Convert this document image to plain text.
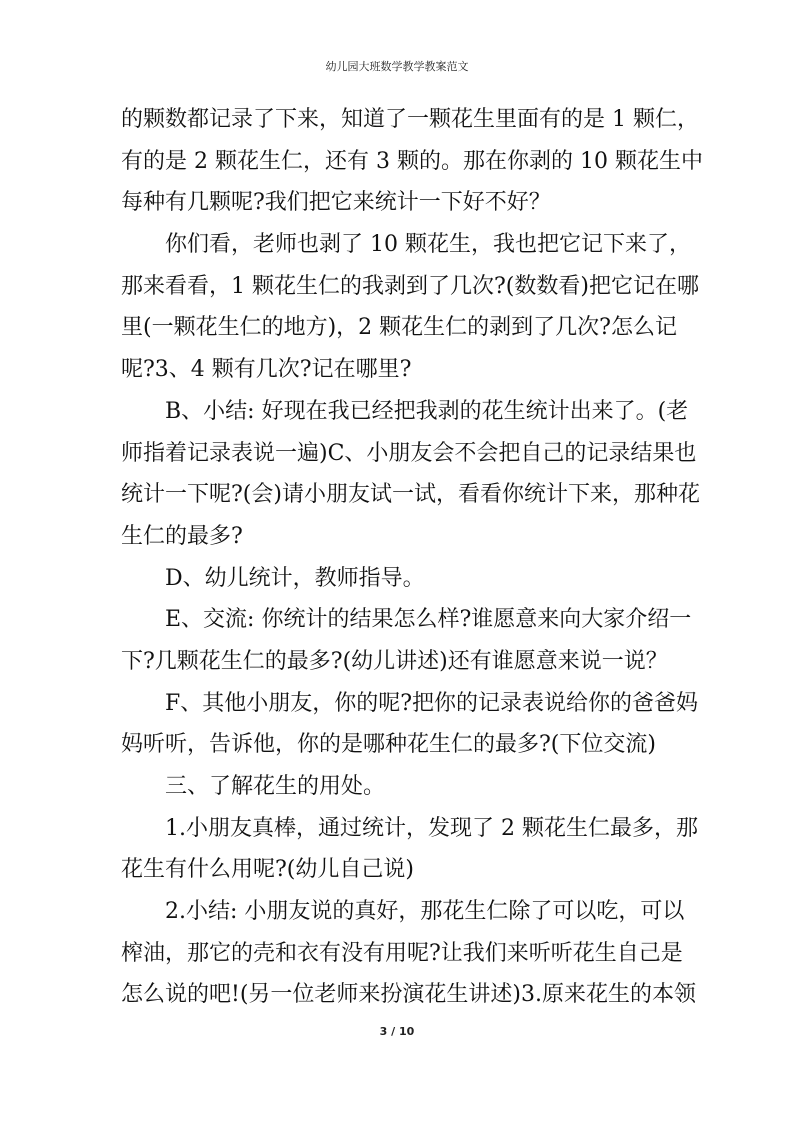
幼儿园大班数学教学教案范文
的颗数都记录了下来，知道了一颗花生里面有的是 1 颗仁，
有的是 2 颗花生仁，还有 3 颗的。那在你剥的 10 颗花生中
每种有几颗呢?我们把它来统计一下好不好？
你们看，老师也剥了 10 颗花生，我也把它记下来了，
那来看看，1 颗花生仁的我剥到了几次?(数数看)把它记在哪
里(一颗花生仁的地方)，2 颗花生仁的剥到了几次?怎么记
呢?3、4 颗有几次?记在哪里?
B、小结: 好现在我已经把我剥的花生统计出来了。(老
师指着记录表说一遍)C、小朋友会不会把自己的记录结果也
统计一下呢?(会)请小朋友试一试，看看你统计下来，那种花
生仁的最多?
D、幼儿统计，教师指导。
E、交流: 你统计的结果怎么样?谁愿意来向大家介绍一
下?几颗花生仁的最多?(幼儿讲述)还有谁愿意来说一说？
F、其他小朋友，你的呢?把你的记录表说给你的爸爸妈
妈听听，告诉他，你的是哪种花生仁的最多?(下位交流)
三、了解花生的用处。
1.小朋友真棒，通过统计，发现了 2 颗花生仁最多，那
花生有什么用呢?(幼儿自己说)
2.小结: 小朋友说的真好，那花生仁除了可以吃，可以
榨油，那它的壳和衣有没有用呢?让我们来听听花生自己是
怎么说的吧!(另一位老师来扮演花生讲述)3.原来花生的本领
3 / 10
